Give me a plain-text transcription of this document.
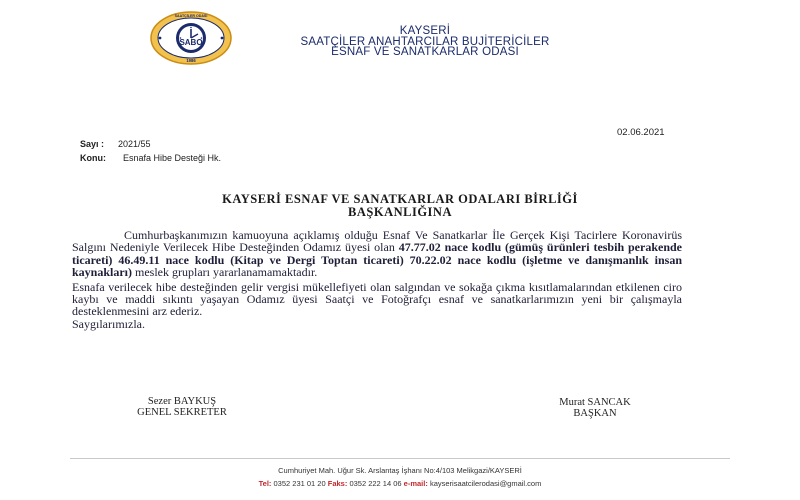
SABO
SAATÇİLER ODASI
1986
KAYSERİ
SAATÇİLER ANAHTARCILAR BUJİTERİCİLER
ESNAF VE SANATKARLAR ODASI
02.06.2021
Sayı : 2021/55
Konu: Esnafa Hibe Desteği Hk.
KAYSERİ ESNAF VE SANATKARLAR ODALARI BİRLİĞİ
BAŞKANLIĞINA

Cumhurbaşkanımızın kamuoyuna açıklamış olduğu Esnaf Ve Sanatkarlar İle Gerçek Kişi Tacirlere Koronavirüs Salgını Nedeniyle Verilecek Hibe Desteğinden Odamız üyesi olan 47.77.02 nace kodlu (gümüş ürünleri tesbih perakende ticareti) 46.49.11 nace kodlu (Kitap ve Dergi Toptan ticareti) 70.22.02 nace kodlu (işletme ve danışmanlık insan kaynakları) meslek grupları yararlanamamaktadır.

Esnafa verilecek hibe desteğinden gelir vergisi mükellefiyeti olan salgından ve sokağa çıkma kısıtlamalarından etkilenen ciro kaybı ve maddi sıkıntı yaşayan Odamız üyesi Saatçi ve Fotoğrafçı esnaf ve sanatkarlarımızın yeni bir çalışmayla desteklenmesini arz ederiz.

Saygılarımızla.

Sezer BAYKUŞ
GENEL SEKRETER
Murat SANCAK
BAŞKAN
Cumhuriyet Mah. Uğur Sk. Arslantaş İşhanı No:4/103 Melikgazi/KAYSERİ
Tel: 0352 231 01 20 Faks: 0352 222 14 06 e-mail: kayserisaatcilerodasi@gmail.com
